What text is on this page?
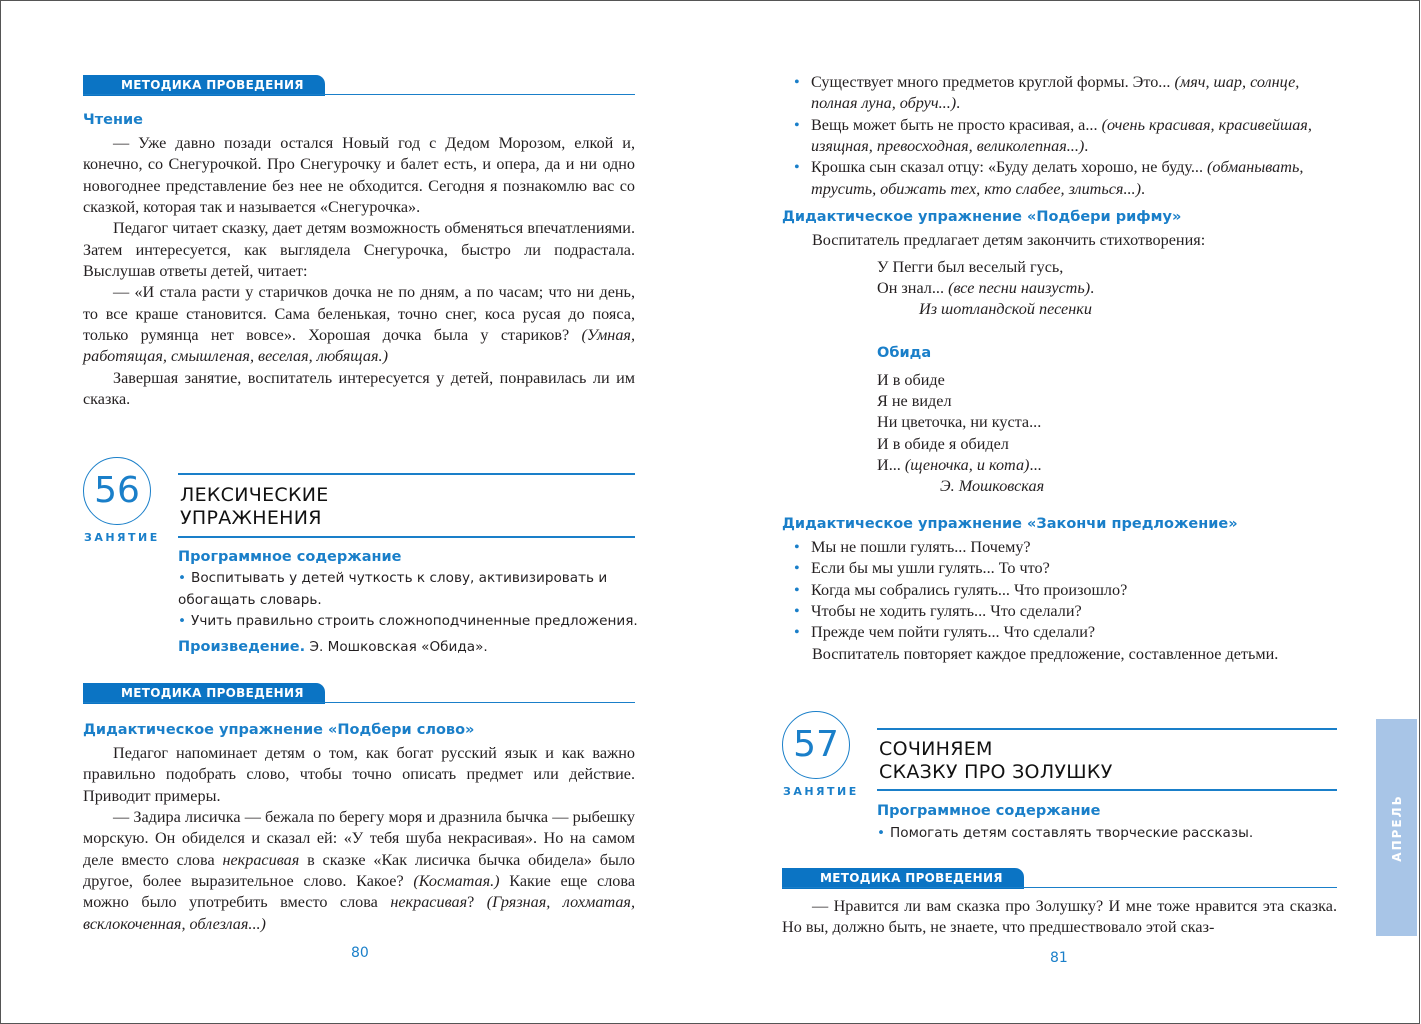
МЕТОДИКА ПРОВЕДЕНИЯ
Чтение

— Уже давно позади остался Новый год с Дедом Морозом, елкой и, конечно, со Снегурочкой. Про Снегурочку и балет есть, и опера, да и ни одно новогоднее представление без нее не обходится. Сегодня я познакомлю вас со сказкой, которая так и называется «Снегурочка».

Педагог читает сказку, дает детям возможность обменяться впечатлениями. Затем интересуется, как выглядела Снегурочка, быстро ли подрастала. Выслушав ответы детей, читает:

— «И стала расти у старичков дочка не по дням, а по часам; что ни день, то все краше становится. Сама беленькая, точно снег, коса русая до пояса, только румянца нет вовсе». Хорошая дочка была у стариков? (Умная, работящая, смышленая, веселая, любящая.)

Завершая занятие, воспитатель интересуется у детей, понравилась ли им сказка.

56
ЗАНЯТИЕ
ЛЕКСИЧЕСКИЕ
УПРАЖНЕНИЯ
Программное содержание
• Воспитывать у детей чуткость к слову, активизировать и обогащать словарь.
• Учить правильно строить сложноподчиненные предложения.
Произведение. Э. Мошковская «Обида».
МЕТОДИКА ПРОВЕДЕНИЯ
Дидактическое упражнение «Подбери слово»

Педагог напоминает детям о том, как богат русский язык и как важно правильно подобрать слово, чтобы точно описать предмет или действие. Приводит примеры.

— Задира лисичка — бежала по берегу моря и дразнила бычка — рыбешку морскую. Он обиделся и сказал ей: «У тебя шуба некрасивая». Но на самом деле вместо слова некрасивая в сказке «Как лисичка бычка обидела» было другое, более выразительное слово. Какое? (Косматая.) Какие еще слова можно было употребить вместо слова некрасивая? (Грязная, лохматая, всклокоченная, облезлая...)

80
• Существует много предметов круглой формы. Это... (мяч, шар, солнце, полная луна, обруч...).
• Вещь может быть не просто красивая, а... (очень красивая, красивейшая, изящная, превосходная, великолепная...).
• Крошка сын сказал отцу: «Буду делать хорошо, не буду... (обманывать, трусить, обижать тех, кто слабее, злиться...).
Дидактическое упражнение «Подбери рифму»
Воспитатель предлагает детям закончить стихотворения:
У Пегги был веселый гусь,
Он знал... (все песни наизусть).
Из шотландской песенки
Обида
И в обиде
Я не видел
Ни цветочка, ни куста...
И в обиде я обидел
И... (щеночка, и кота)...
Э. Мошковская
Дидактическое упражнение «Закончи предложение»
• Мы не пошли гулять... Почему?
• Если бы мы ушли гулять... То что?
• Когда мы собрались гулять... Что произошло?
• Чтобы не ходить гулять... Что сделали?
• Прежде чем пойти гулять... Что сделали?
Воспитатель повторяет каждое предложение, составленное детьми.
57
ЗАНЯТИЕ
СОЧИНЯЕМ
СКАЗКУ ПРО ЗОЛУШКУ
Программное содержание
• Помогать детям составлять творческие рассказы.
МЕТОДИКА ПРОВЕДЕНИЯ

— Нравится ли вам сказка про Золушку? И мне тоже нравится эта сказка. Но вы, должно быть, не знаете, что предшествовало этой сказ-

81
АПРЕЛЬ
